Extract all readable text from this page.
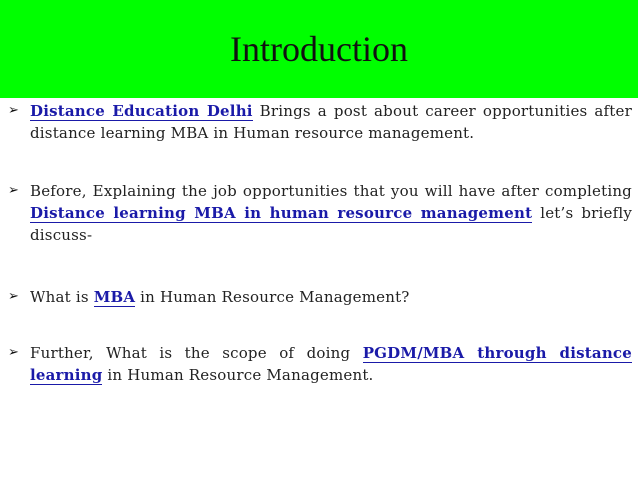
Introduction
➢ Distance Education Delhi Brings a post about career opportunities after distance learning MBA in Human resource management.
➢ Before, Explaining the job opportunities that you will have after completing Distance learning MBA in human resource management let’s briefly discuss-
➢ What is MBA in Human Resource Management?
➢ Further, What is the scope of doing PGDM/MBA through distance learning in Human Resource Management.
